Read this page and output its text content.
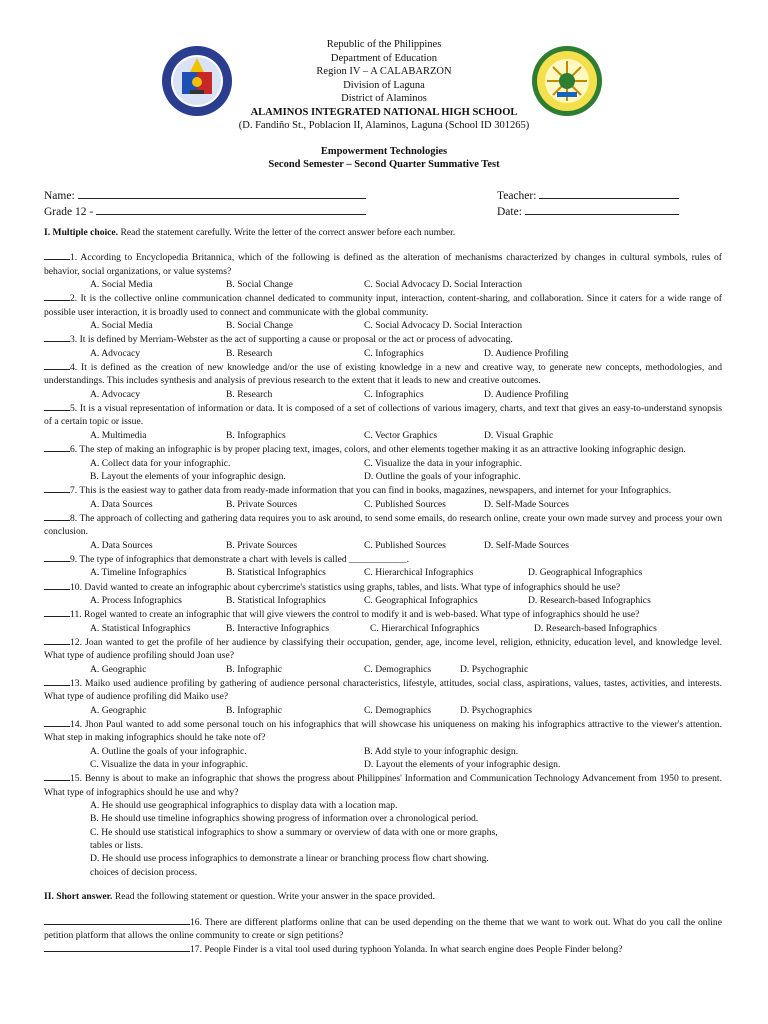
Republic of the Philippines
Department of Education
Region IV – A CALABARZON
Division of Laguna
District of Alaminos
ALAMINOS INTEGRATED NATIONAL HIGH SCHOOL
(D. Fandiño St., Poblacion II, Alaminos, Laguna (School ID 301265)
Empowerment Technologies
Second Semester – Second Quarter Summative Test
Name:
Grade 12 -
Teacher:
Date:

I. Multiple choice. Read the statement carefully. Write the letter of the correct answer before each number.

1. According to Encyclopedia Britannica, which of the following is defined as the alteration of mechanisms characterized by changes in cultural symbols, rules of behavior, social organizations, or value systems?

A. Social Media	B. Social Change	C. Social Advocacy D. Social Interaction

2. It is the collective online communication channel dedicated to community input, interaction, content-sharing, and collaboration. Since it caters for a wide range of possible user interaction, it is broadly used to connect and communicate with the global community.

A. Social Media	B. Social Change	C. Social Advocacy D. Social Interaction

3. It is defined by Merriam-Webster as the act of supporting a cause or proposal or the act or process of advocating.

A. Advocacy	B. Research	C. Infographics	D. Audience Profiling

4. It is defined as the creation of new knowledge and/or the use of existing knowledge in a new and creative way, to generate new concepts, methodologies, and understandings. This includes synthesis and analysis of previous research to the extent that it leads to new and creative outcomes.

A. Advocacy	B. Research	C. Infographics	D. Audience Profiling

5. It is a visual representation of information or data. It is composed of a set of collections of various imagery, charts, and text that gives an easy-to-understand synopsis of a certain topic or issue.

A. Multimedia	B. Infographics	C. Vector Graphics	D. Visual Graphic

6. The step of making an infographic is by proper placing text, images, colors, and other elements together making it as an attractive looking infographic design.

A. Collect data for your infographic.	C. Visualize the data in your infographic.
B. Layout the elements of your infographic design.	D. Outline the goals of your infographic.

7. This is the easiest way to gather data from ready-made information that you can find in books, magazines, newspapers, and internet for your Infographics.

A. Data Sources	B. Private Sources	C. Published Sources	D. Self-Made Sources

8. The approach of collecting and gathering data requires you to ask around, to send some emails, do research online, create your own made survey and process your own conclusion.

A. Data Sources	B. Private Sources	C. Published Sources	D. Self-Made Sources

9. The type of infographics that demonstrate a chart with levels is called ____________.

A. Timeline Infographics	B. Statistical Infographics	C. Hierarchical Infographics	D. Geographical Infographics

10. David wanted to create an infographic about cybercrime's statistics using graphs, tables, and lists. What type of infographics should he use?

A. Process Infographics	B. Statistical Infographics	C. Geographical Infographics	D. Research-based Infographics

11. Rogel wanted to create an infographic that will give viewers the control to modify it and is web-based. What type of infographics should he use?

A. Statistical Infographics	B. Interactive Infographics	C. Hierarchical Infographics	D. Research-based Infographics

12. Joan wanted to get the profile of her audience by classifying their occupation, gender, age, income level, religion, ethnicity, education level, and knowledge level. What type of audience profiling should Joan use?

A. Geographic	B. Infographic	C. Demographics	D. Psychographic

13. Maiko used audience profiling by gathering of audience personal characteristics, lifestyle, attitudes, social class, aspirations, values, tastes, activities, and interests. What type of audience profiling did Maiko use?

A. Geographic	B. Infographic	C. Demographics	D. Psychographics

14. Jhon Paul wanted to add some personal touch on his infographics that will showcase his uniqueness on making his infographics attractive to the viewer's attention. What step in making infographics should he take note of?

A. Outline the goals of your infographic.	B. Add style to your infographic design.
C. Visualize the data in your infographic.	D. Layout the elements of your infographic design.

15. Benny is about to make an infographic that shows the progress about Philippines' Information and Communication Technology Advancement from 1950 to present. What type of infographics should he use and why?

A. He should use geographical infographics to display data with a location map.
B. He should use timeline infographics showing progress of information over a chronological period.
C. He should use statistical infographics to show a summary or overview of data with one or more graphs,
tables or lists.
D. He should use process infographics to demonstrate a linear or branching process flow chart showing.
choices of decision process.

II. Short answer. Read the following statement or question. Write your answer in the space provided.

16. There are different platforms online that can be used depending on the theme that we want to work out. What do you call the online petition platform that allows the online community to create or sign petitions?

17. People Finder is a vital tool used during typhoon Yolanda. In what search engine does People Finder belong?
